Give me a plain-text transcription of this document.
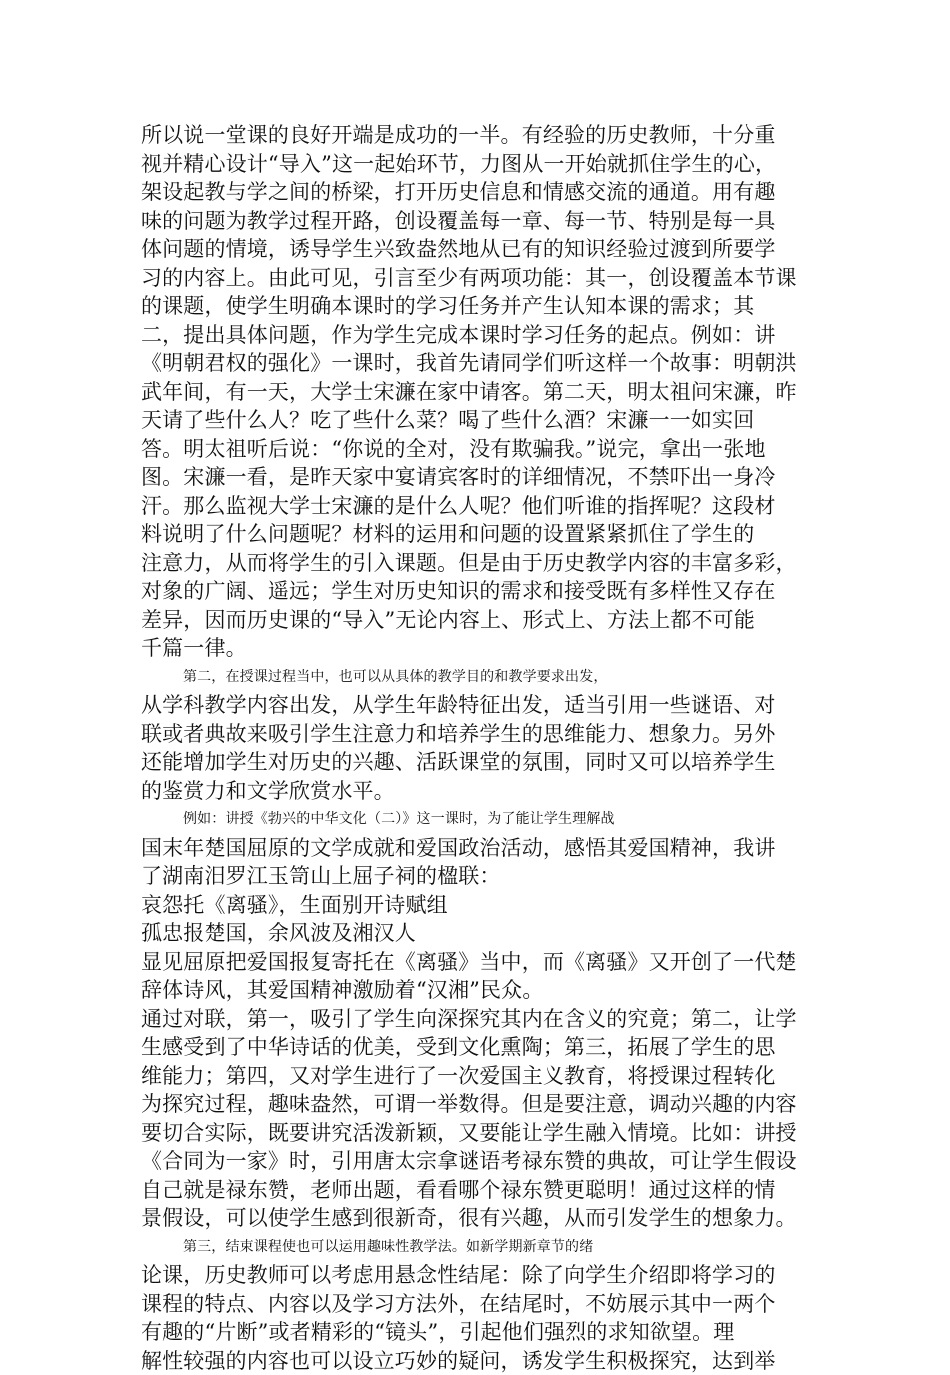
所以说一堂课的良好开端是成功的一半。有经验的历史教师，十分重
视并精心设计“导入”这一起始环节，力图从一开始就抓住学生的心，
架设起教与学之间的桥梁，打开历史信息和情感交流的通道。用有趣
味的问题为教学过程开路，创设覆盖每一章、每一节、特别是每一具
体问题的情境，诱导学生兴致盎然地从已有的知识经验过渡到所要学
习的内容上。由此可见，引言至少有两项功能：其一，创设覆盖本节课
的课题，使学生明确本课时的学习任务并产生认知本课的需求；其
二，提出具体问题，作为学生完成本课时学习任务的起点。例如：讲
《明朝君权的强化》一课时，我首先请同学们听这样一个故事：明朝洪
武年间，有一天，大学士宋濂在家中请客。第二天，明太祖问宋濂，昨
天请了些什么人？吃了些什么菜？喝了些什么酒？宋濂一一如实回
答。明太祖听后说：“你说的全对，没有欺骗我。”说完，拿出一张地
图。宋濂一看，是昨天家中宴请宾客时的详细情况，不禁吓出一身冷
汗。那么监视大学士宋濂的是什么人呢？他们听谁的指挥呢？这段材
料说明了什么问题呢？材料的运用和问题的设置紧紧抓住了学生的
注意力，从而将学生的引入课题。但是由于历史教学内容的丰富多彩，
对象的广阔、遥远；学生对历史知识的需求和接受既有多样性又存在
差异，因而历史课的“导入”无论内容上、形式上、方法上都不可能
千篇一律。
第二，在授课过程当中，也可以从具体的教学目的和教学要求出发，
从学科教学内容出发，从学生年龄特征出发，适当引用一些谜语、对
联或者典故来吸引学生注意力和培养学生的思维能力、想象力。另外
还能增加学生对历史的兴趣、活跃课堂的氛围，同时又可以培养学生
的鉴赏力和文学欣赏水平。
例如：讲授《勃兴的中华文化（二）》这一课时，为了能让学生理解战
国末年楚国屈原的文学成就和爱国政治活动，感悟其爱国精神，我讲
了湖南汨罗江玉笥山上屈子祠的楹联：
哀怨托《离骚》，生面别开诗赋组
孤忠报楚国，余风波及湘汉人
显见屈原把爱国报复寄托在《离骚》当中，而《离骚》又开创了一代楚
辞体诗风，其爱国精神激励着“汉湘”民众。
通过对联，第一，吸引了学生向深探究其内在含义的究竟；第二，让学
生感受到了中华诗话的优美，受到文化熏陶；第三，拓展了学生的思
维能力；第四，又对学生进行了一次爱国主义教育，将授课过程转化
为探究过程，趣味盎然，可谓一举数得。但是要注意，调动兴趣的内容
要切合实际，既要讲究活泼新颖，又要能让学生融入情境。比如：讲授
《合同为一家》时，引用唐太宗拿谜语考禄东赞的典故，可让学生假设
自己就是禄东赞，老师出题，看看哪个禄东赞更聪明！通过这样的情
景假设，可以使学生感到很新奇，很有兴趣，从而引发学生的想象力。
第三，结束课程使也可以运用趣味性教学法。如新学期新章节的绪
论课，历史教师可以考虑用悬念性结尾：除了向学生介绍即将学习的
课程的特点、内容以及学习方法外，在结尾时，不妨展示其中一两个
有趣的“片断”或者精彩的“镜头”，引起他们强烈的求知欲望。理
解性较强的内容也可以设立巧妙的疑问，诱发学生积极探究，达到举
